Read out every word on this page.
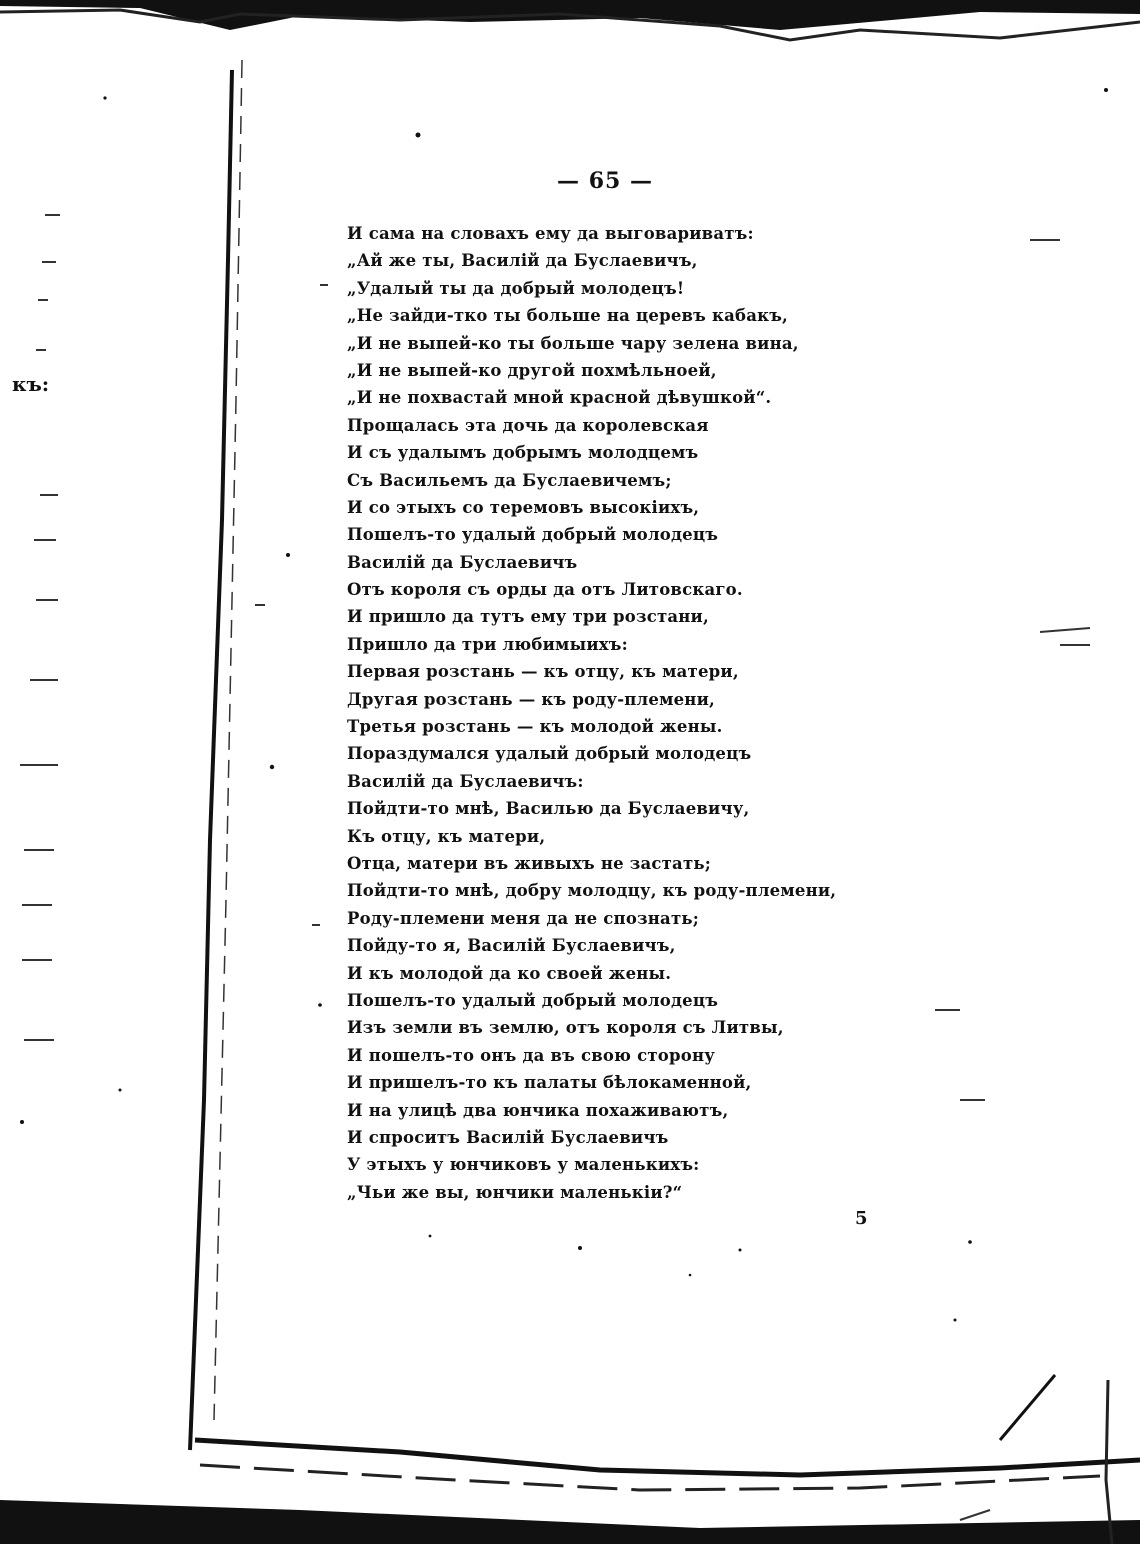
къ:
— 65 —
И сама на словахъ ему да выговариватъ:
„Ай же ты, Василій да Буслаевичъ,
„Удалый ты да добрый молодецъ!
„Не зайди-тко ты больше на церевъ кабакъ,
„И не выпей-ко ты больше чару зелена вина,
„И не выпей-ко другой похмѣльноей,
„И не похвастай мной красной дѣвушкой“.
Прощалась эта дочь да королевская
И съ удалымъ добрымъ молодцемъ
Съ Васильемъ да Буслаевичемъ;
И со этыхъ со теремовъ высокіихъ,
Пошелъ-то удалый добрый молодецъ
Василій да Буслаевичъ
Отъ короля съ орды да отъ Литовскаго.
И пришло да тутъ ему три розстани,
Пришло да три любимыихъ:
Первая розстань — къ отцу, къ матери,
Другая розстань — къ роду-племени,
Третья розстань — къ молодой жены.
Пораздумался удалый добрый молодецъ
Василій да Буслаевичъ:
Пойдти-то мнѣ, Василью да Буслаевичу,
Къ отцу, къ матери,
Отца, матери въ живыхъ не застать;
Пойдти-то мнѣ, добру молодцу, къ роду-племени,
Роду-племени меня да не спознать;
Пойду-то я, Василій Буслаевичъ,
И къ молодой да ко своей жены.
Пошелъ-то удалый добрый молодецъ
Изъ земли въ землю, отъ короля съ Литвы,
И пошелъ-то онъ да въ свою сторону
И пришелъ-то къ палаты бѣлокаменной,
И на улицѣ два юнчика похаживаютъ,
И спроситъ Василій Буслаевичъ
У этыхъ у юнчиковъ у маленькихъ:
„Чьи же вы, юнчики маленькіи?“
5
